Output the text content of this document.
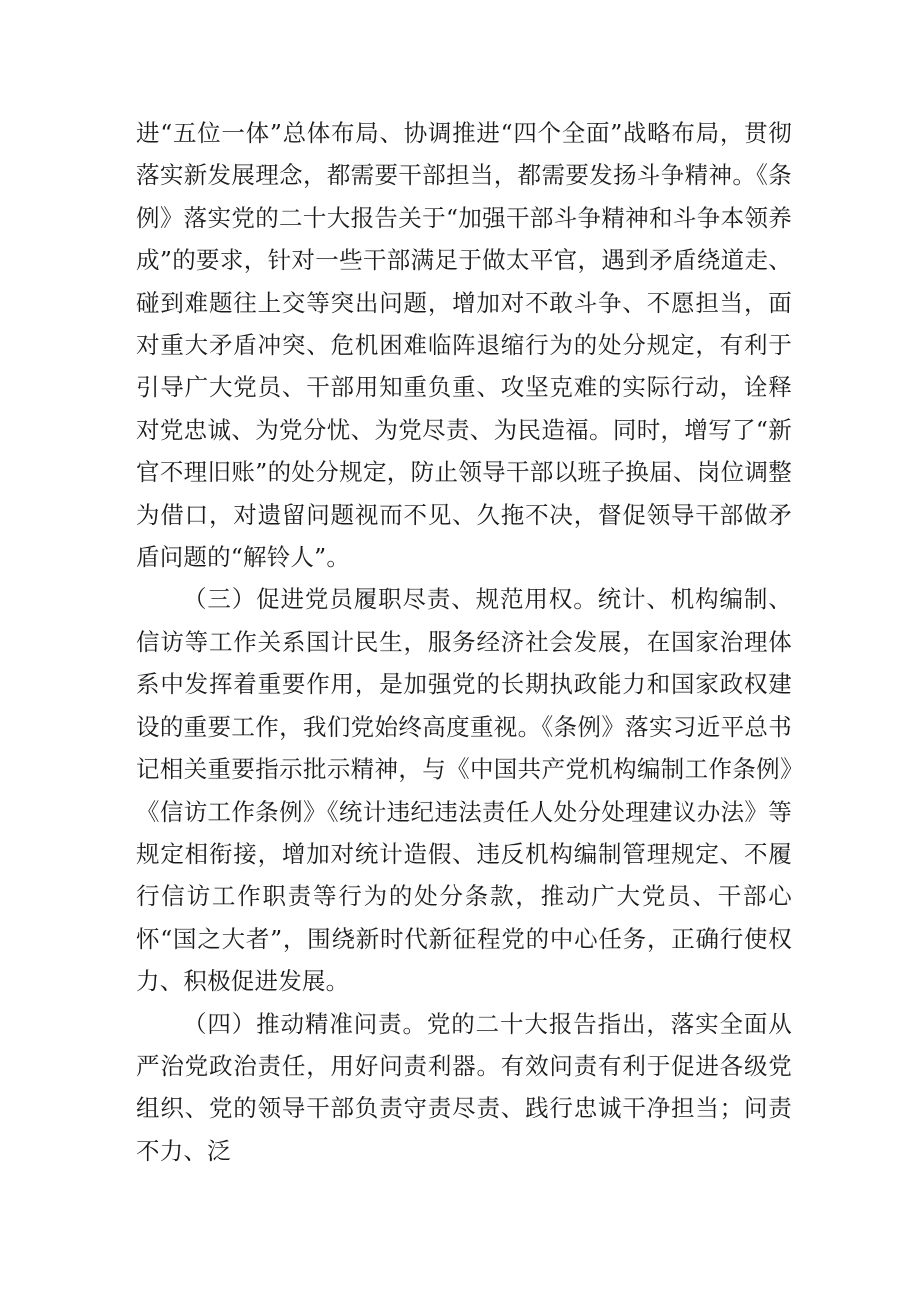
进“五位一体”总体布局、协调推进“四个全面”战略布局，贯彻落实新发展理念，都需要干部担当，都需要发扬斗争精神。《条例》落实党的二十大报告关于“加强干部斗争精神和斗争本领养成”的要求，针对一些干部满足于做太平官，遇到矛盾绕道走、碰到难题往上交等突出问题，增加对不敢斗争、不愿担当，面对重大矛盾冲突、危机困难临阵退缩行为的处分规定，有利于引导广大党员、干部用知重负重、攻坚克难的实际行动，诠释对党忠诚、为党分忧、为党尽责、为民造福。同时，增写了“新官不理旧账”的处分规定，防止领导干部以班子换届、岗位调整为借口，对遗留问题视而不见、久拖不决，督促领导干部做矛盾问题的“解铃人”。

（三）促进党员履职尽责、规范用权。统计、机构编制、信访等工作关系国计民生，服务经济社会发展，在国家治理体系中发挥着重要作用，是加强党的长期执政能力和国家政权建设的重要工作，我们党始终高度重视。《条例》落实习近平总书记相关重要指示批示精神，与《中国共产党机构编制工作条例》《信访工作条例》《统计违纪违法责任人处分处理建议办法》等规定相衔接，增加对统计造假、违反机构编制管理规定、不履行信访工作职责等行为的处分条款，推动广大党员、干部心怀“国之大者”，围绕新时代新征程党的中心任务，正确行使权力、积极促进发展。

（四）推动精准问责。党的二十大报告指出，落实全面从严治党政治责任，用好问责利器。有效问责有利于促进各级党组织、党的领导干部负责守责尽责、践行忠诚干净担当；问责不力、泛
